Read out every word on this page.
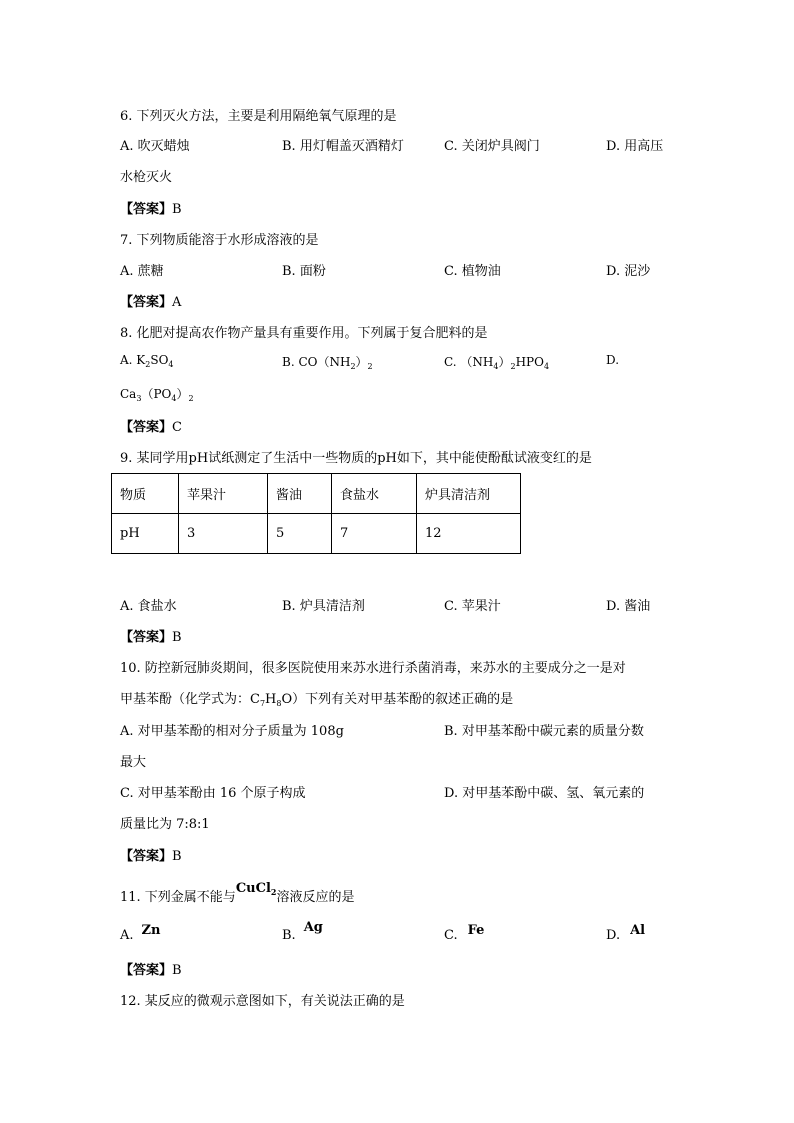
6. 下列灭火方法，主要是利用隔绝氧气原理的是
A. 吹灭蜡烛	B. 用灯帽盖灭酒精灯	C. 关闭炉具阀门	D. 用高压
水枪灭火
【答案】B
7. 下列物质能溶于水形成溶液的是
A. 蔗糖	B. 面粉	C. 植物油	D. 泥沙
【答案】A
8. 化肥对提高农作物产量具有重要作用。下列属于复合肥料的是
A. $K_2SO_4$	B. $CO(NH_2)_2$	C. $(NH_4)_2HPO_4$	D.
$Ca_3(PO_4)_2$
【答案】C
9. 某同学用pH试纸测定了生活中一些物质的pH如下，其中能使酚酞试液变红的是
物质	苹果汁	酱油	食盐水	炉具清洁剂
pH	3	5	7	12
A. 食盐水	B. 炉具清洁剂	C. 苹果汁	D. 酱油
【答案】B
10. 防控新冠肺炎期间，很多医院使用来苏水进行杀菌消毒，来苏水的主要成分之一是对
甲基苯酚（化学式为：$C_7H_8O$）下列有关对甲基苯酚的叙述正确的是
A. 对甲基苯酚的相对分子质量为 108g	B. 对甲基苯酚中碳元素的质量分数
最大
C. 对甲基苯酚由 16 个原子构成	D. 对甲基苯酚中碳、氢、氧元素的
质量比为 7:8:1
【答案】B
11. 下列金属不能与CuCl$_2$溶液反应的是
A. Zn	B.Ag
C. Fe	D. Al
【答案】B
12. 某反应的微观示意图如下，有关说法正确的是
